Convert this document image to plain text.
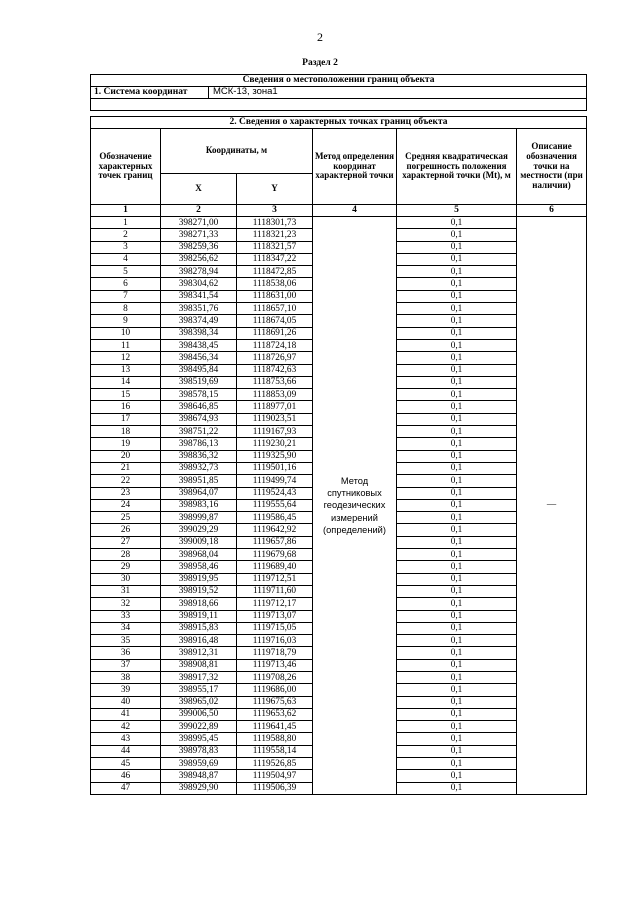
2
Раздел 2
Сведения о местоположении границ объекта
1. Система координат	МСК-13, зона1

2. Сведения о характерных точках границ объекта					
Обозначение характерных точек границ	Координаты, м		Метод определения координат характерной точки	Средняя квадратическая погрешность положения характерной точки (Mt), м	Описание обозначения точки на местности (при наличии)
	X	Y			
1	2	3	4	5	6
1	398271,00	1118301,73	Метод спутниковых геодезических измерений (определений)	0,1	—
2	398271,33	1118321,23		0,1	
3	398259,36	1118321,57		0,1	
4	398256,62	1118347,22		0,1	
5	398278,94	1118472,85		0,1	
6	398304,62	1118538,06		0,1	
7	398341,54	1118631,00		0,1	
8	398351,76	1118657,10		0,1	
9	398374,49	1118674,05		0,1	
10	398398,34	1118691,26		0,1	
11	398438,45	1118724,18		0,1	
12	398456,34	1118726,97		0,1	
13	398495,84	1118742,63		0,1	
14	398519,69	1118753,66		0,1	
15	398578,15	1118853,09		0,1	
16	398646,85	1118977,01		0,1	
17	398674,93	1119023,51		0,1	
18	398751,22	1119167,93		0,1	
19	398786,13	1119230,21		0,1	
20	398836,32	1119325,90		0,1	
21	398932,73	1119501,16		0,1	
22	398951,85	1119499,74		0,1	
23	398964,07	1119524,43		0,1	
24	398983,16	1119555,64		0,1	
25	398999,87	1119586,45		0,1	
26	399029,29	1119642,92		0,1	
27	399009,18	1119657,86		0,1	
28	398968,04	1119679,68		0,1	
29	398958,46	1119689,40		0,1	
30	398919,95	1119712,51		0,1	
31	398919,52	1119711,60		0,1	
32	398918,66	1119712,17		0,1	
33	398919,11	1119713,07		0,1	
34	398915,83	1119715,05		0,1	
35	398916,48	1119716,03		0,1	
36	398912,31	1119718,79		0,1	
37	398908,81	1119713,46		0,1	
38	398917,32	1119708,26		0,1	
39	398955,17	1119686,00		0,1	
40	398965,02	1119675,63		0,1	
41	399006,50	1119653,62		0,1	
42	399022,89	1119641,45		0,1	
43	398995,45	1119588,80		0,1	
44	398978,83	1119558,14		0,1	
45	398959,69	1119526,85		0,1	
46	398948,87	1119504,97		0,1	
47	398929,90	1119506,39		0,1	
